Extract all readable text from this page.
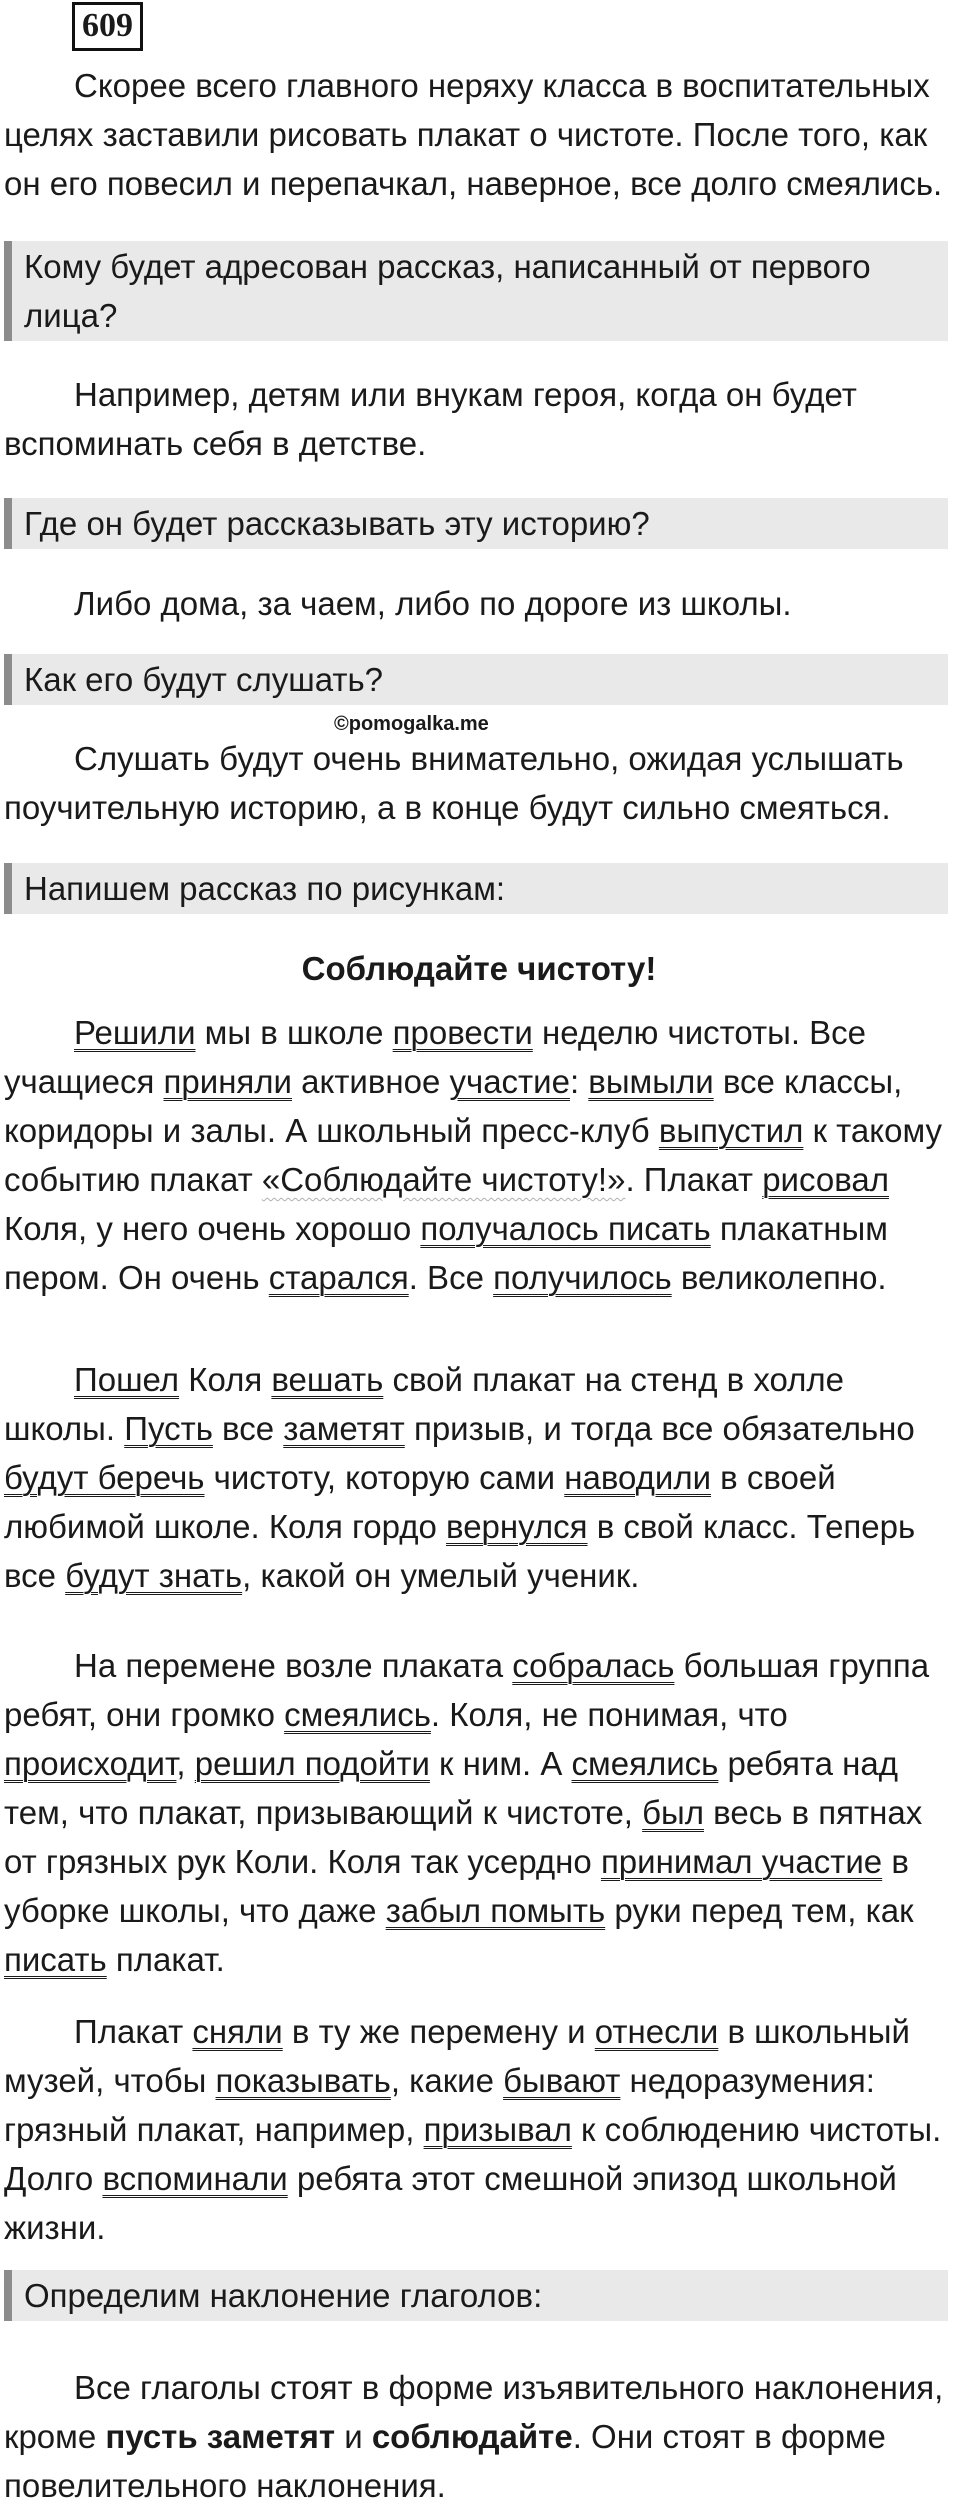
609

Скорее всего главного неряху класса в воспитательных целях заставили рисовать плакат о чистоте. После того, как он его повесил и перепачкал, наверное, все долго смеялись.

Кому будет адресован рассказ, написанный от первого лица?

Например, детям или внукам героя, когда он будет вспоминать себя в детстве.

Где он будет рассказывать эту историю?

Либо дома, за чаем, либо по дороге из школы.

Как его будут слушать?
©pomogalka.me

Слушать будут очень внимательно, ожидая услышать поучительную историю, а в конце будут сильно смеяться.

Напишем рассказ по рисункам:
Соблюдайте чистоту!

Решили мы в школе провести неделю чистоты. Все учащиеся приняли активное участие: вымыли все классы, коридоры и залы. А школьный пресс-клуб выпустил к такому событию плакат «Соблюдайте чистоту!». Плакат рисовал Коля, у него очень хорошо получалось писать плакатным пером. Он очень старался. Все получилось великолепно.

Пошел Коля вешать свой плакат на стенд в холле школы. Пусть все заметят призыв, и тогда все обязательно будут беречь чистоту, которую сами наводили в своей любимой школе. Коля гордо вернулся в свой класс. Теперь все будут знать, какой он умелый ученик.

На перемене возле плаката собралась большая группа ребят, они громко смеялись. Коля, не понимая, что происходит, решил подойти к ним. А смеялись ребята над тем, что плакат, призывающий к чистоте, был весь в пятнах от грязных рук Коли. Коля так усердно принимал участие в уборке школы, что даже забыл помыть руки перед тем, как писать плакат.

Плакат сняли в ту же перемену и отнесли в школьный музей, чтобы показывать, какие бывают недоразумения: грязный плакат, например, призывал к соблюдению чистоты. Долго вспоминали ребята этот смешной эпизод школьной жизни.

Определим наклонение глаголов:

Все глаголы стоят в форме изъявительного наклонения, кроме пусть заметят и соблюдайте. Они стоят в форме повелительного наклонения.
